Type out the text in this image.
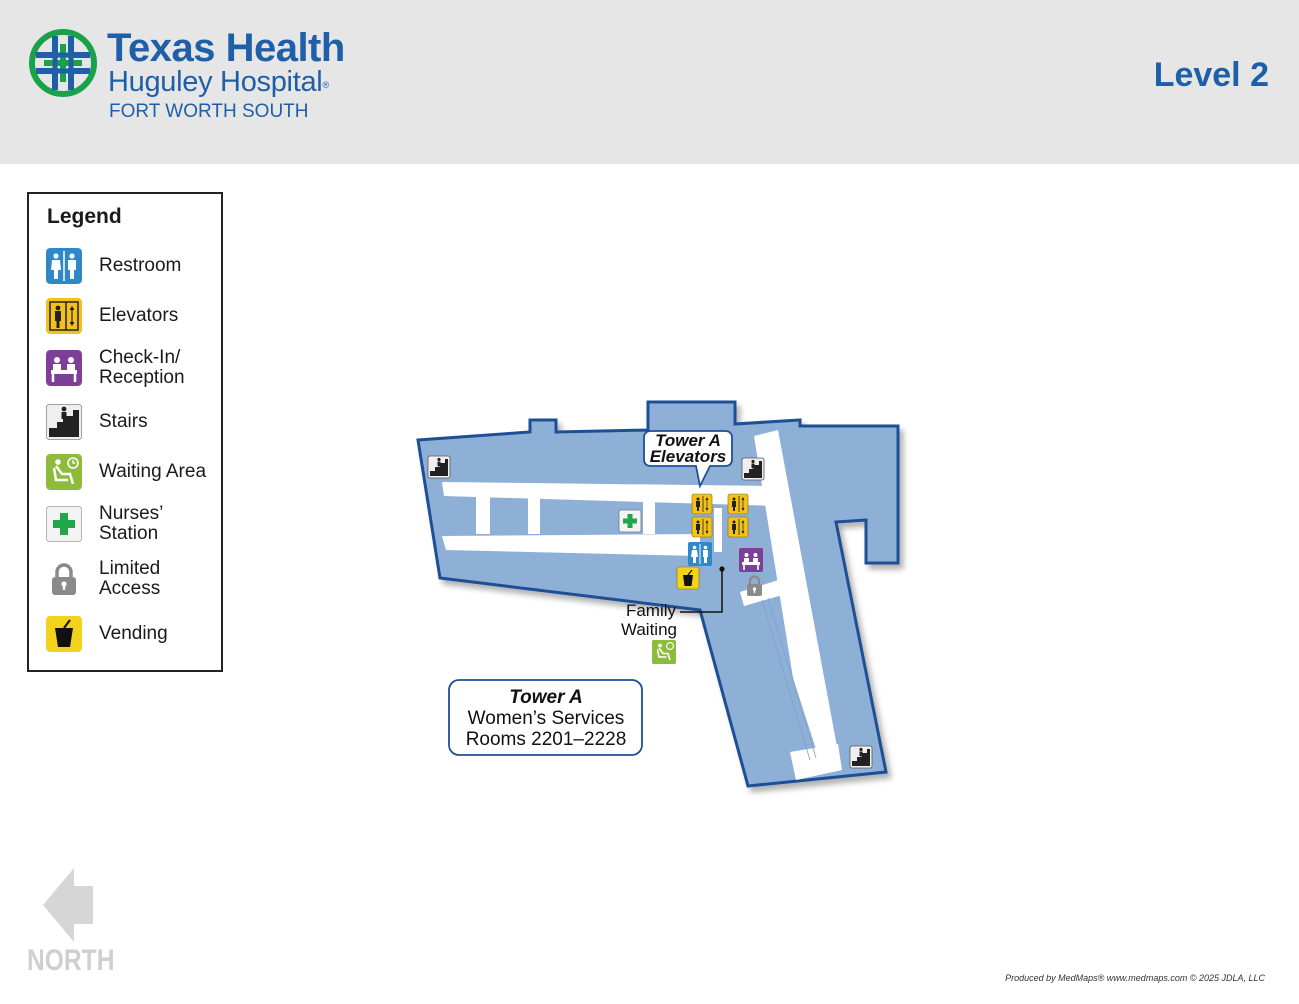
Texas Health
Huguley Hospital®
FORT WORTH SOUTH
Level 2
Legend
Restroom
Elevators
Check-In/
Reception
Stairs
Waiting Area
Nurses’
Station
Limited
Access
Vending
Family
Waiting
Tower A
Elevators
Tower A
Women’s Services
Rooms 2201–2228
NORTH
Produced by MedMaps® www.medmaps.com © 2025 JDLA, LLC
